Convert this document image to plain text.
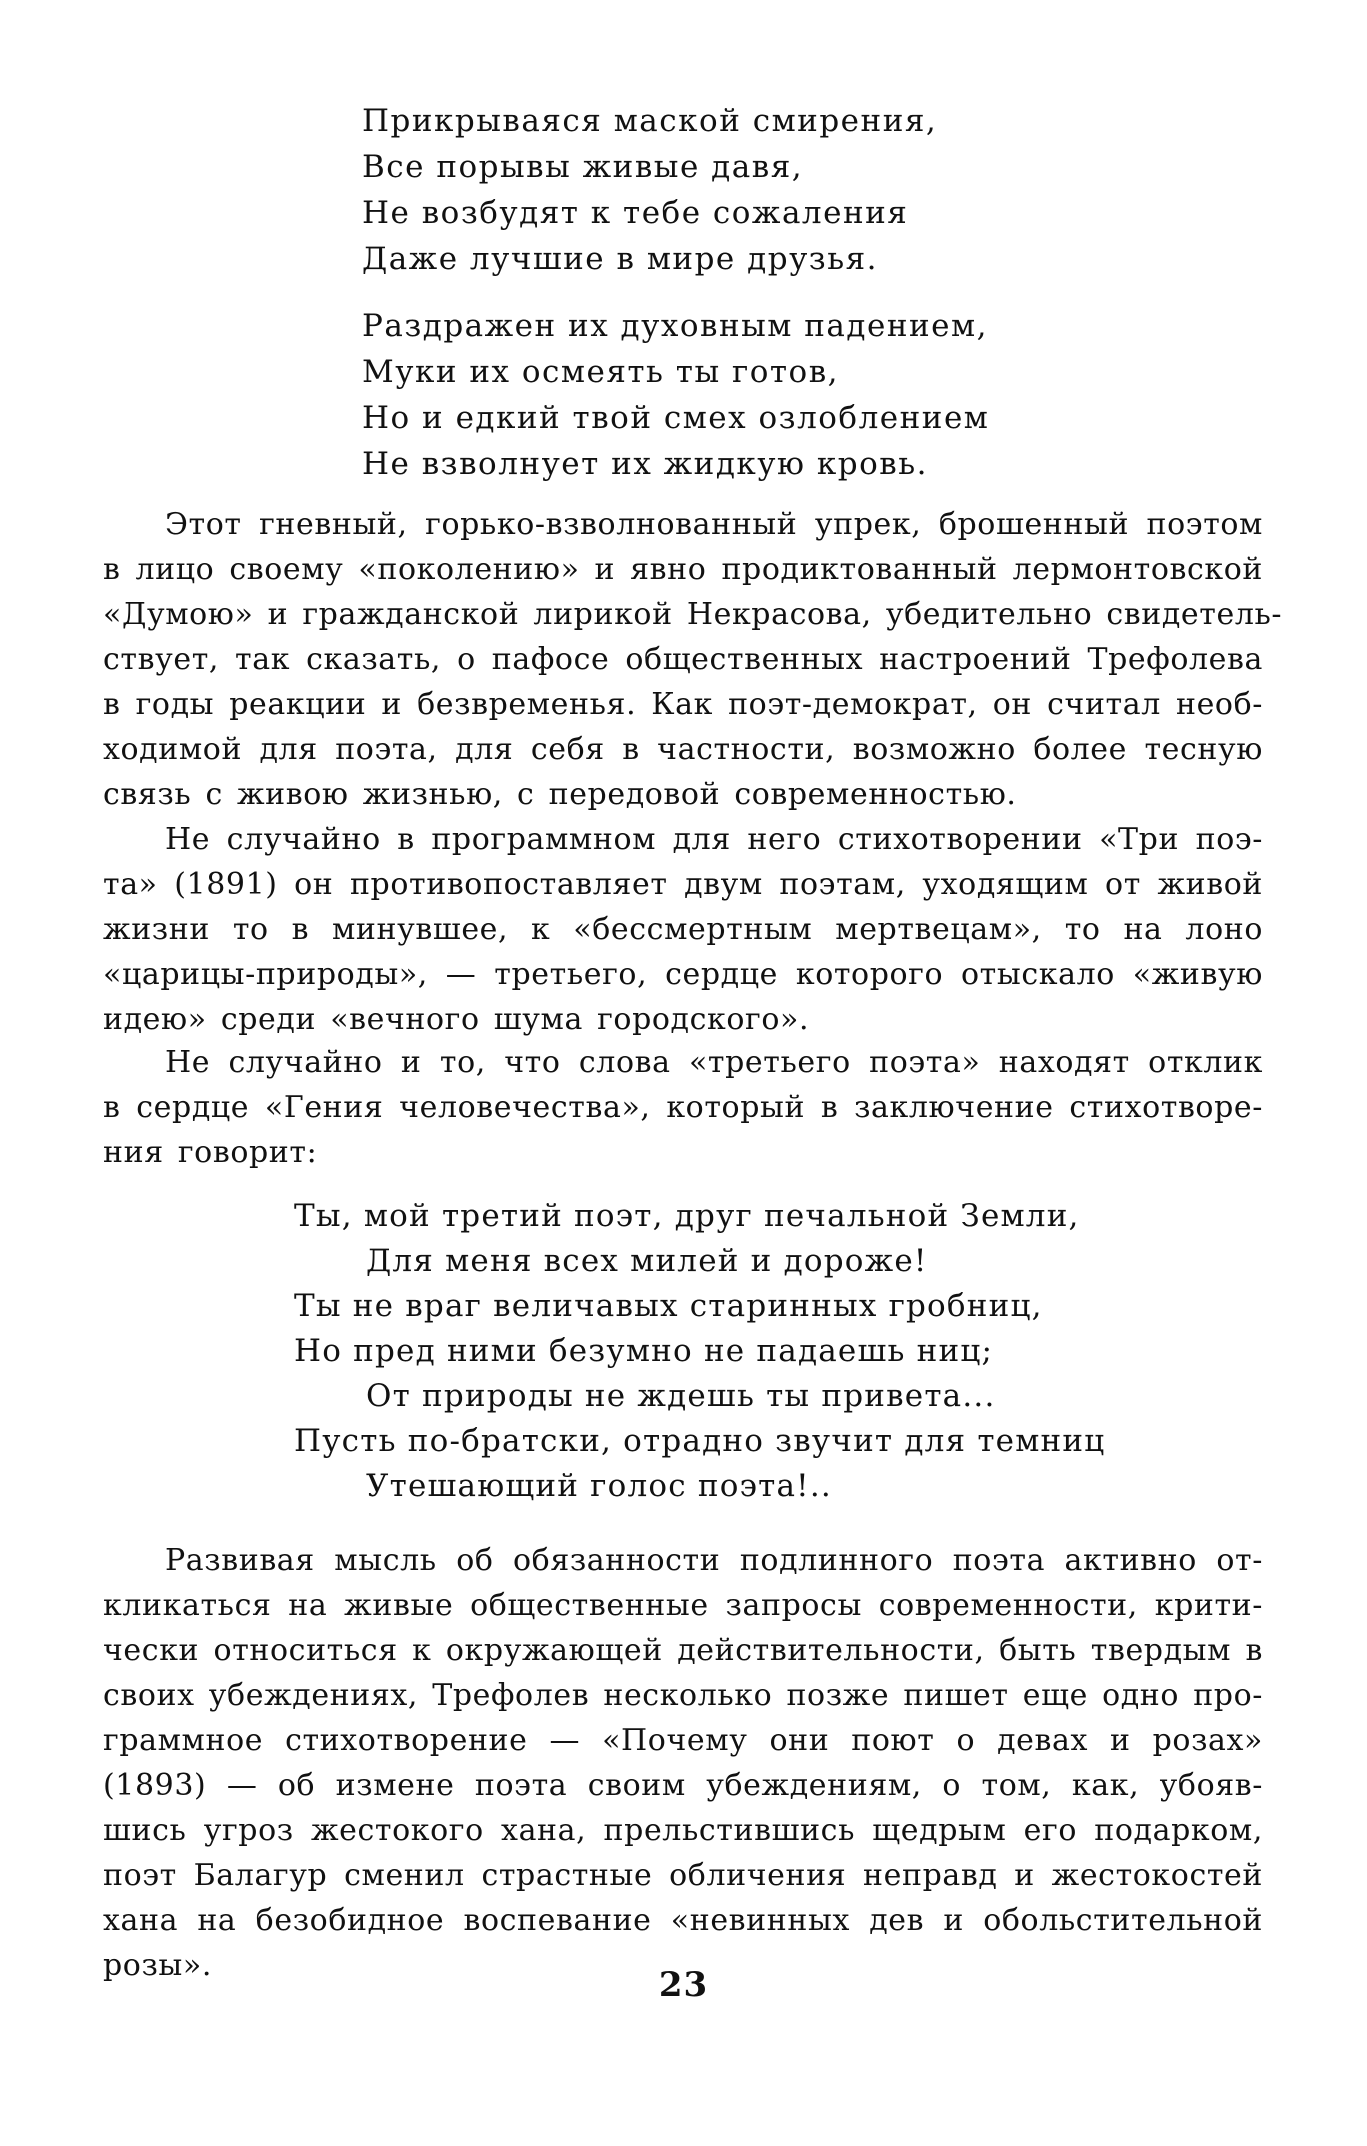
Прикрываяся маской смирения,
Все порывы живые давя,
Не возбудят к тебе сожаления
Даже лучшие в мире друзья.
Раздражен их духовным падением,
Муки их осмеять ты готов,
Но и едкий твой смех озлоблением
Не взволнует их жидкую кровь.
Этот гневный, горько-взволнованный упрек, брошенный поэтом
в лицо своему «поколению» и явно продиктованный лермонтовской
«Думою» и гражданской лирикой Некрасова, убедительно свидетель-
ствует, так сказать, о пафосе общественных настроений Трефолева
в годы реакции и безвременья. Как поэт-демократ, он считал необ-
ходимой для поэта, для себя в частности, возможно более тесную
связь с живою жизнью, с передовой современностью.
Не случайно в программном для него стихотворении «Три поэ-
та» (1891) он противопоставляет двум поэтам, уходящим от живой
жизни то в минувшее, к «бессмертным мертвецам», то на лоно
«царицы-природы», — третьего, сердце которого отыскало «живую
идею» среди «вечного шума городского».
Не случайно и то, что слова «третьего поэта» находят отклик
в сердце «Гения человечества», который в заключение стихотворе-
ния говорит:
Ты, мой третий поэт, друг печальной Земли,
Для меня всех милей и дороже!
Ты не враг величавых старинных гробниц,
Но пред ними безумно не падаешь ниц;
От природы не ждешь ты привета...
Пусть по-братски, отрадно звучит для темниц
Утешающий голос поэта!..
Развивая мысль об обязанности подлинного поэта активно от-
кликаться на живые общественные запросы современности, крити-
чески относиться к окружающей действительности, быть твердым в
своих убеждениях, Трефолев несколько позже пишет еще одно про-
граммное стихотворение — «Почему они поют о девах и розах»
(1893) — об измене поэта своим убеждениям, о том, как, убояв-
шись угроз жестокого хана, прельстившись щедрым его подарком,
поэт Балагур сменил страстные обличения неправд и жестокостей
хана на безобидное воспевание «невинных дев и обольстительной
розы».	23
